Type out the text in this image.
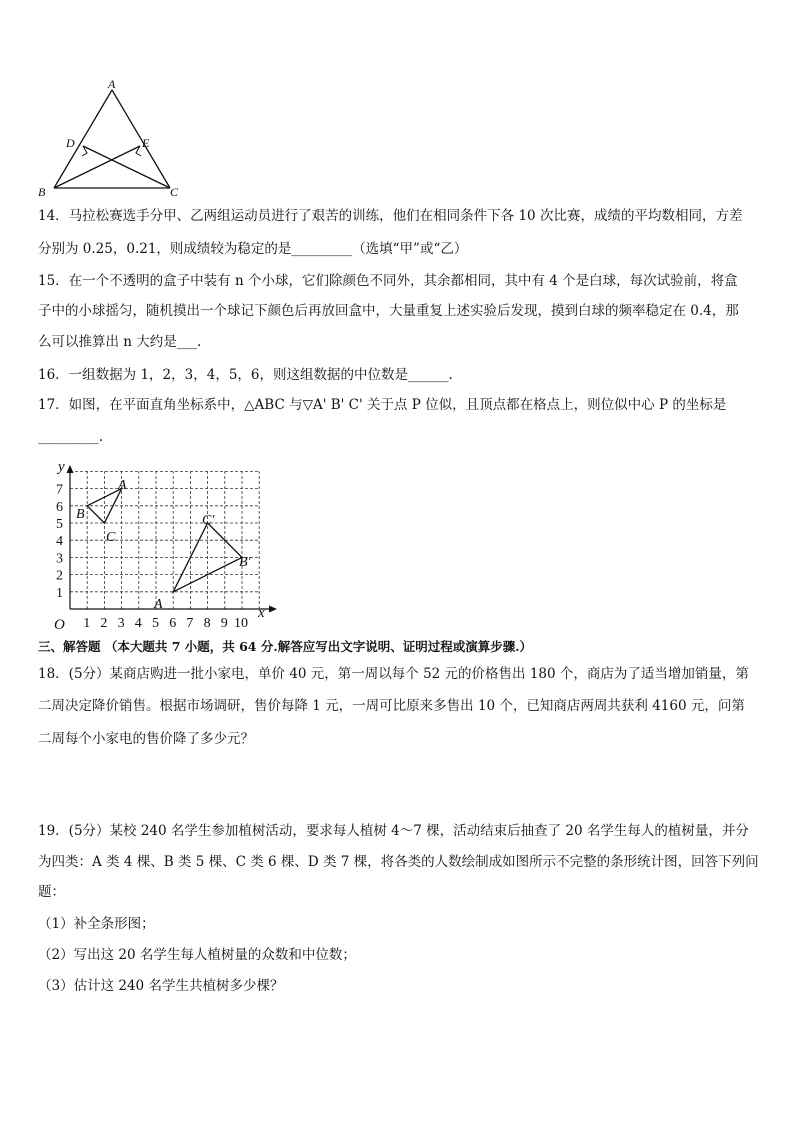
A
B	C
D	E
14．马拉松赛选手分甲、乙两组运动员进行了艰苦的训练，他们在相同条件下各 10 次比赛，成绩的平均数相同，方差
分别为 0.25，0.21，则成绩较为稳定的是_________（选填“甲”或“乙）
15．在一个不透明的盒子中装有 n 个小球，它们除颜色不同外，其余都相同，其中有 4 个是白球，每次试验前，将盒
子中的小球摇匀，随机摸出一个球记下颜色后再放回盒中，大量重复上述实验后发现，摸到白球的频率稳定在 0.4，那
么可以推算出 n 大约是___.
16．一组数据为 1，2，3，4，5，6，则这组数据的中位数是______.
17．如图，在平面直角坐标系中，△ABC 与▽A' B' C' 关于点 P 位似，且顶点都在格点上，则位似中心 P 的坐标是
_________.
1
2
3
4
5
6
7
1 2 3 4 5 6 7 8 9 10
y
x
O
A
B
C
A
B′
C′
三、解答题 （本大题共 7 小题，共 64 分.解答应写出文字说明、证明过程或演算步骤.）
18．(5分）某商店购进一批小家电，单价 40 元，第一周以每个 52 元的价格售出 180 个，商店为了适当增加销量，第
二周决定降价销售。根据市场调研，售价每降 1 元，一周可比原来多售出 10 个，已知商店两周共获利 4160 元，问第
二周每个小家电的售价降了多少元？
19．(5分）某校 240 名学生参加植树活动，要求每人植树 4～7 棵，活动结束后抽查了 20 名学生每人的植树量，并分
为四类：A 类 4 棵、B 类 5 棵、C 类 6 棵、D 类 7 棵，将各类的人数绘制成如图所示不完整的条形统计图，回答下列问
题：
（1）补全条形图；
（2）写出这 20 名学生每人植树量的众数和中位数；
（3）估计这 240 名学生共植树多少棵？
